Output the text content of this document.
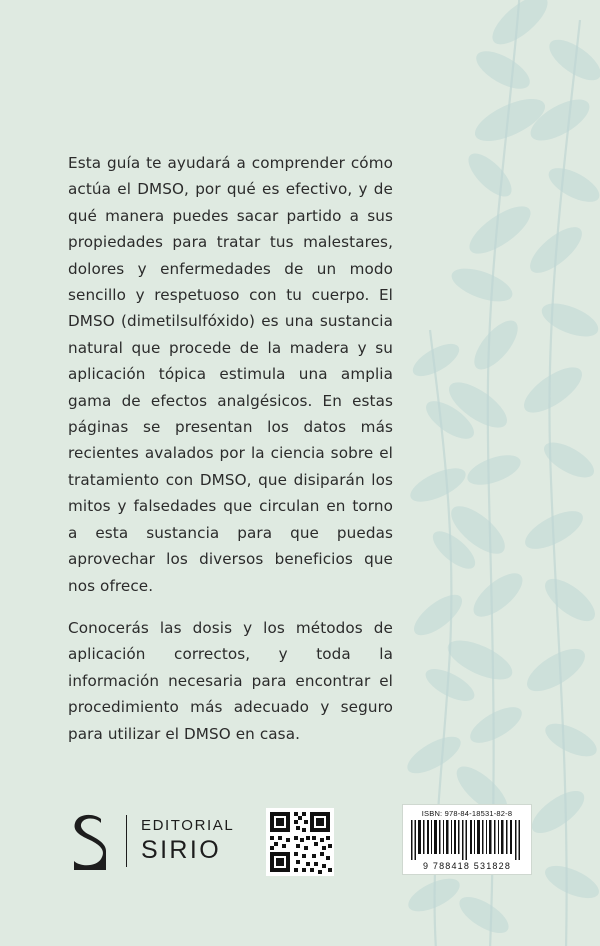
Esta guía te ayudará a comprender cómo actúa el DMSO, por qué es efectivo, y de qué manera puedes sacar partido a sus propiedades para tratar tus malestares, dolores y enfermedades de un modo sencillo y respetuoso con tu cuerpo. El DMSO (dimetilsulfóxido) es una sustancia natural que procede de la madera y su aplicación tópica estimula una amplia gama de efectos analgésicos. En estas páginas se presentan los datos más recientes avalados por la ciencia sobre el tratamiento con DMSO, que disiparán los mitos y falsedades que circulan en torno a esta sustancia para que puedas aprovechar los diversos beneficios que nos ofrece.

Conocerás las dosis y los métodos de aplicación correctos, y toda la información necesaria para encontrar el procedimiento más adecuado y seguro para utilizar el DMSO en casa.

EDITORIAL
SIRIO
ISBN: 978-84-18531-82-8
9 788418 531828
